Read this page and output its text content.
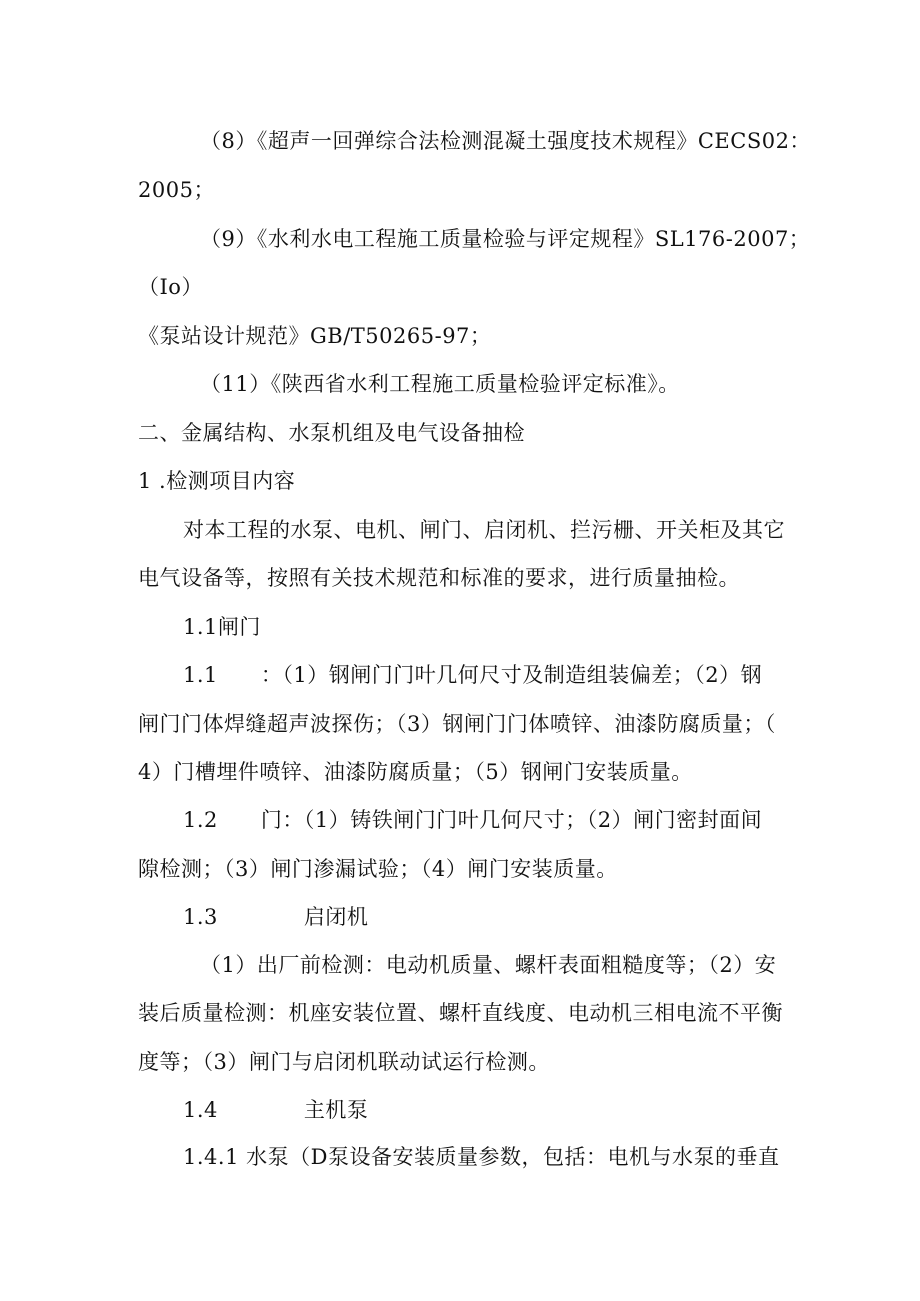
（8）《超声一回弹综合法检测混凝土强度技术规程》CECS02：
2005；
（9）《水利水电工程施工质量检验与评定规程》SL176-2007；
（Io）
《泵站设计规范》GB/T50265-97；
（11）《陕西省水利工程施工质量检验评定标准》。
二、金属结构、水泵机组及电气设备抽检
1 .检测项目内容
对本工程的水泵、电机、闸门、启闭机、拦污栅、开关柜及其它
电气设备等，按照有关技术规范和标准的要求，进行质量抽检。
1.1闸门
1.1　　：（1）钢闸门门叶几何尺寸及制造组装偏差；（2）钢
闸门门体焊缝超声波探伤；（3）钢闸门门体喷锌、油漆防腐质量；（
4）门槽埋件喷锌、油漆防腐质量；（5）钢闸门安装质量。
1.2　　门：（1）铸铁闸门门叶几何尺寸；（2）闸门密封面间
隙检测；（3）闸门渗漏试验；（4）闸门安装质量。
1.3　　　　启闭机
（1）出厂前检测：电动机质量、螺杆表面粗糙度等；（2）安
装后质量检测：机座安装位置、螺杆直线度、电动机三相电流不平衡
度等；（3）闸门与启闭机联动试运行检测。
1.4　　　　主机泵
1.4.1 水泵（D泵设备安装质量参数，包括：电机与水泵的垂直
